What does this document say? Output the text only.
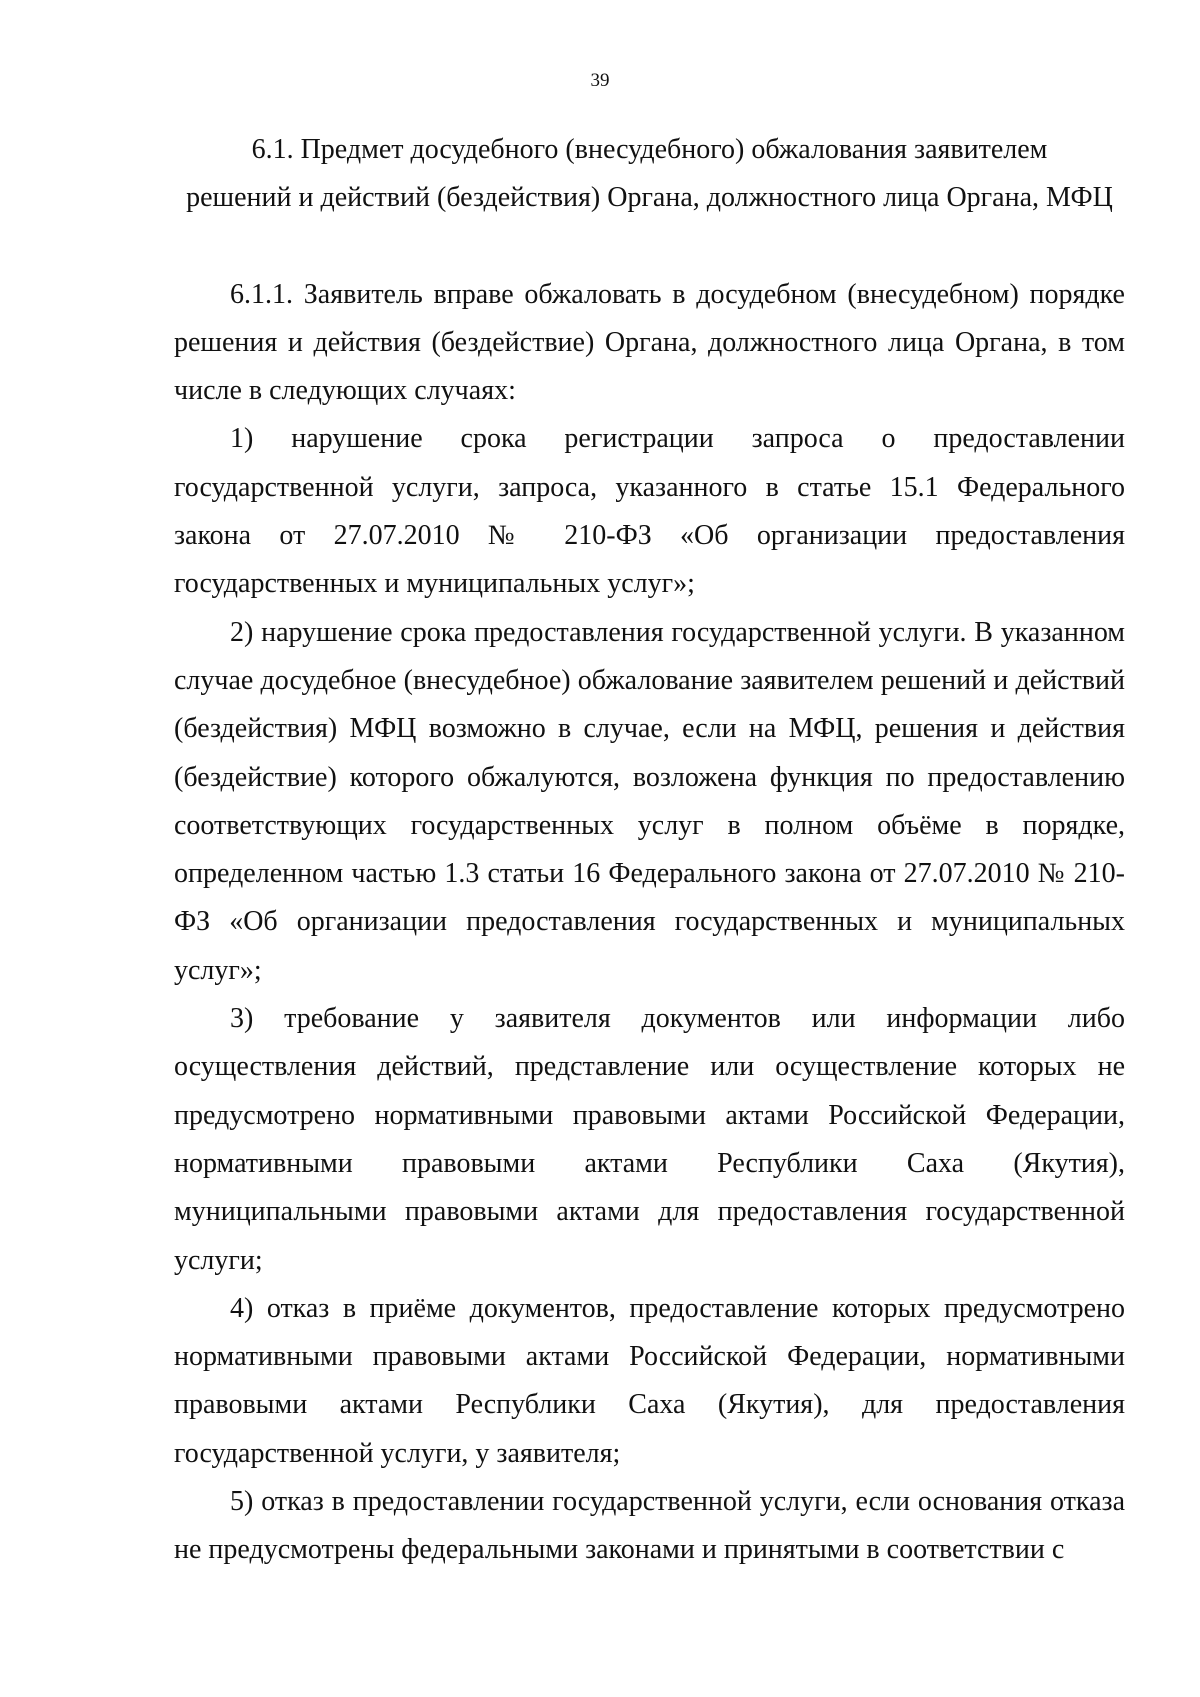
39
6.1. Предмет досудебного (внесудебного) обжалования заявителем
решений и действий (бездействия) Органа, должностного лица Органа, МФЦ

6.1.1. Заявитель вправе обжаловать в досудебном (внесудебном) порядке решения и действия (бездействие) Органа, должностного лица Органа, в том числе в следующих случаях:

1) нарушение срока регистрации запроса о предоставлении государственной услуги, запроса, указанного в статье 15.1 Федерального закона от 27.07.2010 № 210-ФЗ «Об организации предоставления государственных и муниципальных услуг»;

2) нарушение срока предоставления государственной услуги. В указанном случае досудебное (внесудебное) обжалование заявителем решений и действий (бездействия) МФЦ возможно в случае, если на МФЦ, решения и действия (бездействие) которого обжалуются, возложена функция по предоставлению соответствующих государственных услуг в полном объёме в порядке, определенном частью 1.3 статьи 16 Федерального закона от 27.07.2010 № 210-ФЗ «Об организации предоставления государственных и муниципальных услуг»;

3) требование у заявителя документов или информации либо осуществления действий, представление или осуществление которых не предусмотрено нормативными правовыми актами Российской Федерации, нормативными правовыми актами Республики Саха (Якутия), муниципальными правовыми актами для предоставления государственной услуги;

4) отказ в приёме документов, предоставление которых предусмотрено нормативными правовыми актами Российской Федерации, нормативными правовыми актами Республики Саха (Якутия), для предоставления государственной услуги, у заявителя;

5) отказ в предоставлении государственной услуги, если основания отказа не предусмотрены федеральными законами и принятыми в соответствии с
